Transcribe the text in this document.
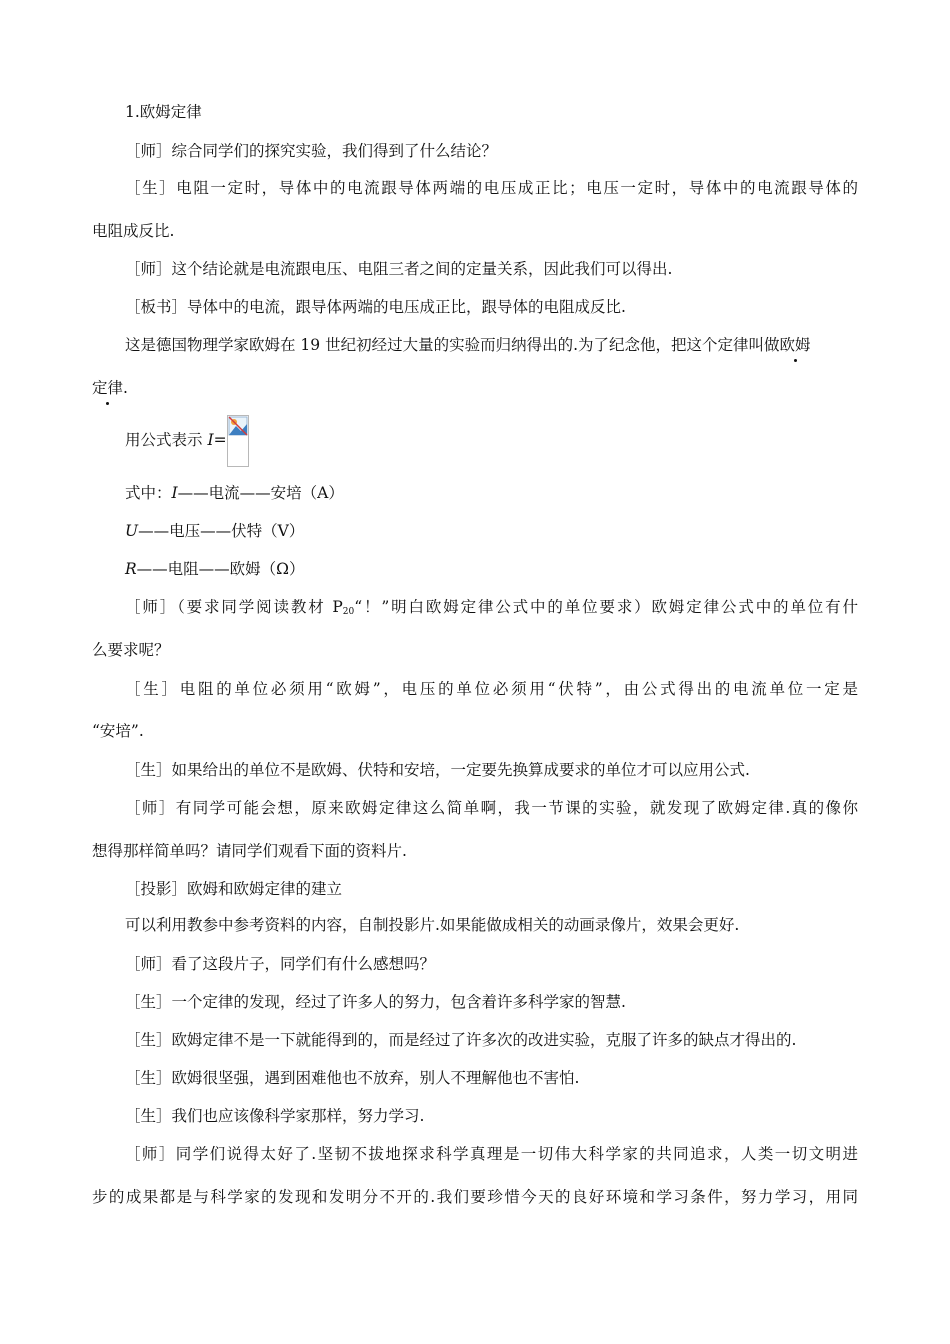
1.欧姆定律
［师］综合同学们的探究实验，我们得到了什么结论？
［生］电阻一定时，导体中的电流跟导体两端的电压成正比；电压一定时，导体中的电流跟导体的
电阻成反比.
［师］这个结论就是电流跟电压、电阻三者之间的定量关系，因此我们可以得出.
［板书］导体中的电流，跟导体两端的电压成正比，跟导体的电阻成反比.
这是德国物理学家欧姆在 19 世纪初经过大量的实验而归纳得出的.为了纪念他，把这个定律叫做欧姆
定律.
用公式表示 I=
式中：I——电流——安培（A）
U——电压——伏特（V）
R——电阻——欧姆（Ω）
［师］（要求同学阅读教材 $P_{20}“$！”明白欧姆定律公式中的单位要求）欧姆定律公式中的单位有什
么要求呢？
［生］电阻的单位必须用“欧姆”，电压的单位必须用“伏特”，由公式得出的电流单位一定是
“安培”.
［生］如果给出的单位不是欧姆、伏特和安培，一定要先换算成要求的单位才可以应用公式.
［师］有同学可能会想，原来欧姆定律这么简单啊，我一节课的实验，就发现了欧姆定律.真的像你
想得那样简单吗？请同学们观看下面的资料片.
［投影］欧姆和欧姆定律的建立
可以利用教参中参考资料的内容，自制投影片.如果能做成相关的动画录像片，效果会更好.
［师］看了这段片子，同学们有什么感想吗？
［生］一个定律的发现，经过了许多人的努力，包含着许多科学家的智慧.
［生］欧姆定律不是一下就能得到的，而是经过了许多次的改进实验，克服了许多的缺点才得出的.
［生］欧姆很坚强，遇到困难他也不放弃，别人不理解他也不害怕.
［生］我们也应该像科学家那样，努力学习.
［师］同学们说得太好了.坚韧不拔地探求科学真理是一切伟大科学家的共同追求，人类一切文明进
步的成果都是与科学家的发现和发明分不开的.我们要珍惜今天的良好环境和学习条件，努力学习，用同
